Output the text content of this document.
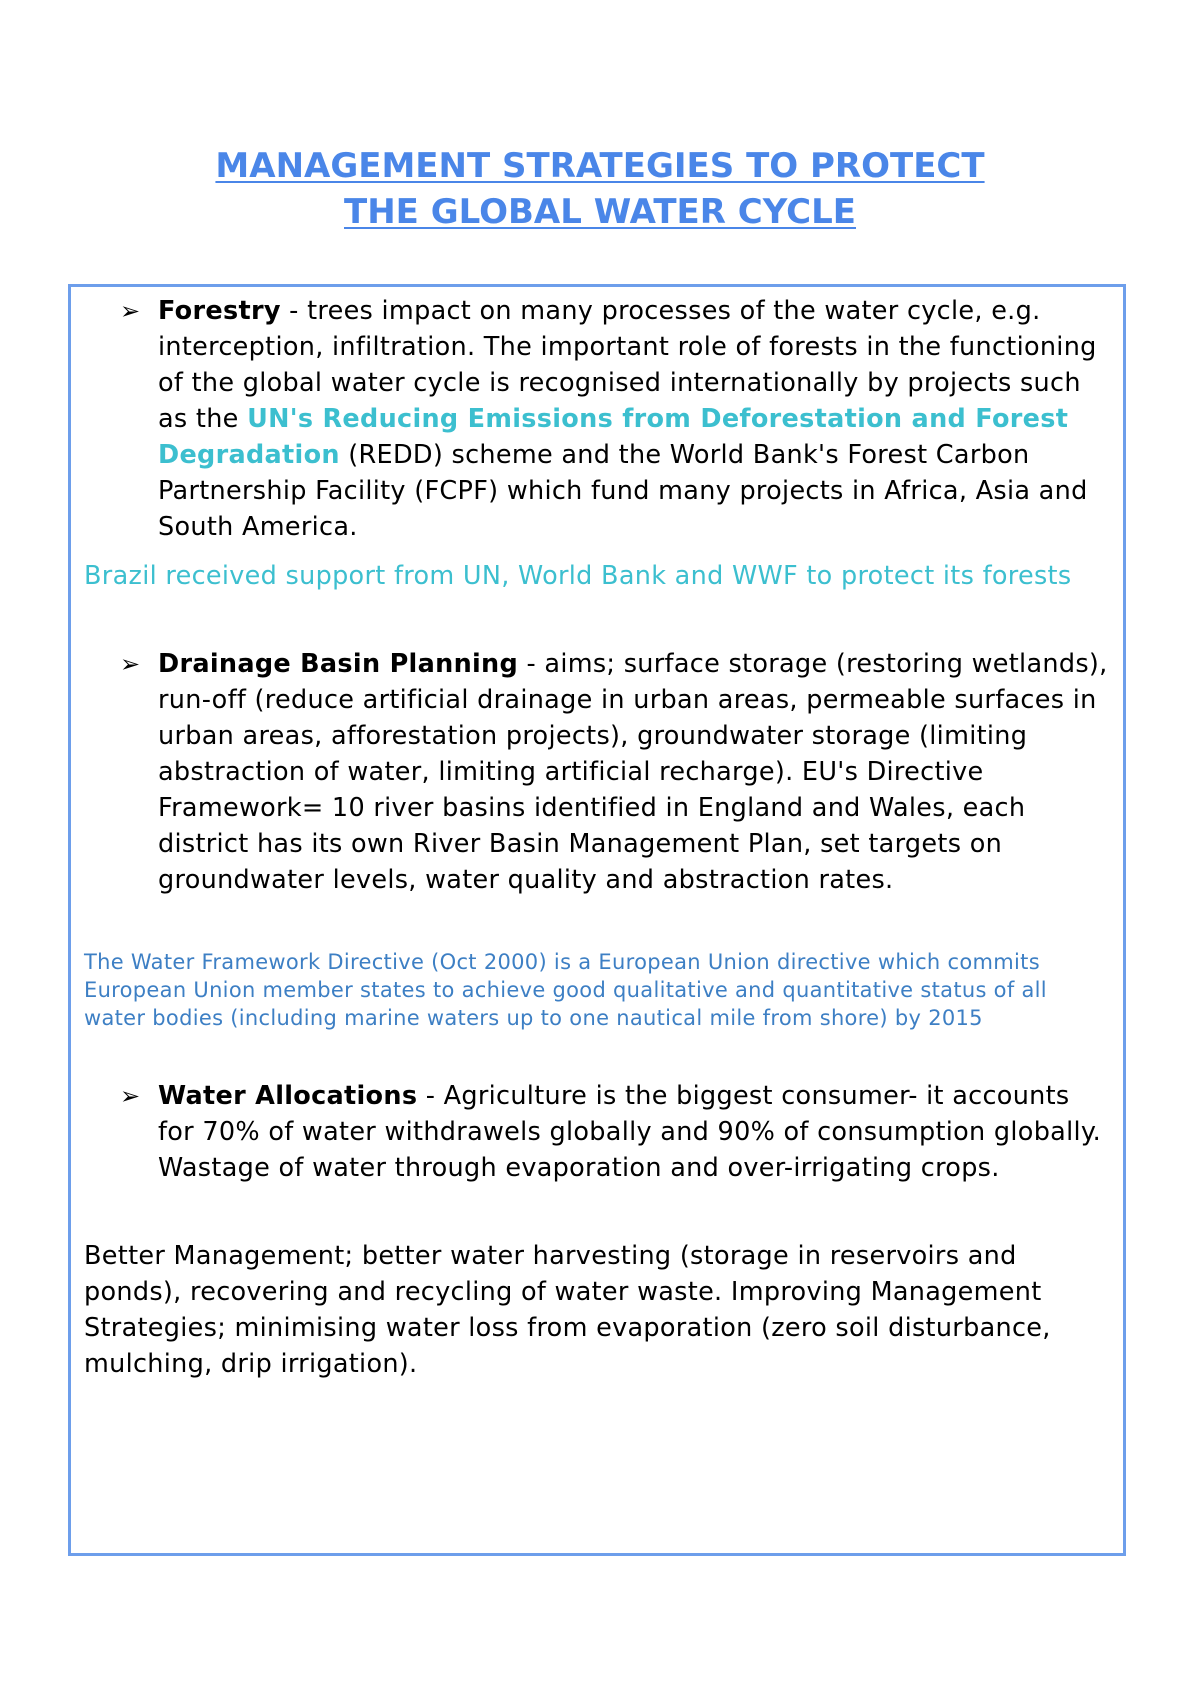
MANAGEMENT STRATEGIES TO PROTECT
THE GLOBAL WATER CYCLE
➢ Forestry - trees impact on many processes of the water cycle, e.g. interception, infiltration. The important role of forests in the functioning of the global water cycle is recognised internationally by projects such as the UN's Reducing Emissions from Deforestation and Forest Degradation (REDD) scheme and the World Bank's Forest Carbon Partnership Facility (FCPF) which fund many projects in Africa, Asia and South America.
Brazil received support from UN, World Bank and WWF to protect its forests
➢ Drainage Basin Planning - aims; surface storage (restoring wetlands), run-off (reduce artificial drainage in urban areas, permeable surfaces in urban areas, afforestation projects), groundwater storage (limiting abstraction of water, limiting artificial recharge). EU's Directive Framework= 10 river basins identified in England and Wales, each district has its own River Basin Management Plan, set targets on groundwater levels, water quality and abstraction rates.
The Water Framework Directive (Oct 2000) is a European Union directive which commits European Union member states to achieve good qualitative and quantitative status of all water bodies (including marine waters up to one nautical mile from shore) by 2015
➢ Water Allocations - Agriculture is the biggest consumer- it accounts for 70% of water withdrawels globally and 90% of consumption globally. Wastage of water through evaporation and over-irrigating crops.
Better Management; better water harvesting (storage in reservoirs and ponds), recovering and recycling of water waste. Improving Management Strategies; minimising water loss from evaporation (zero soil disturbance, mulching, drip irrigation).
